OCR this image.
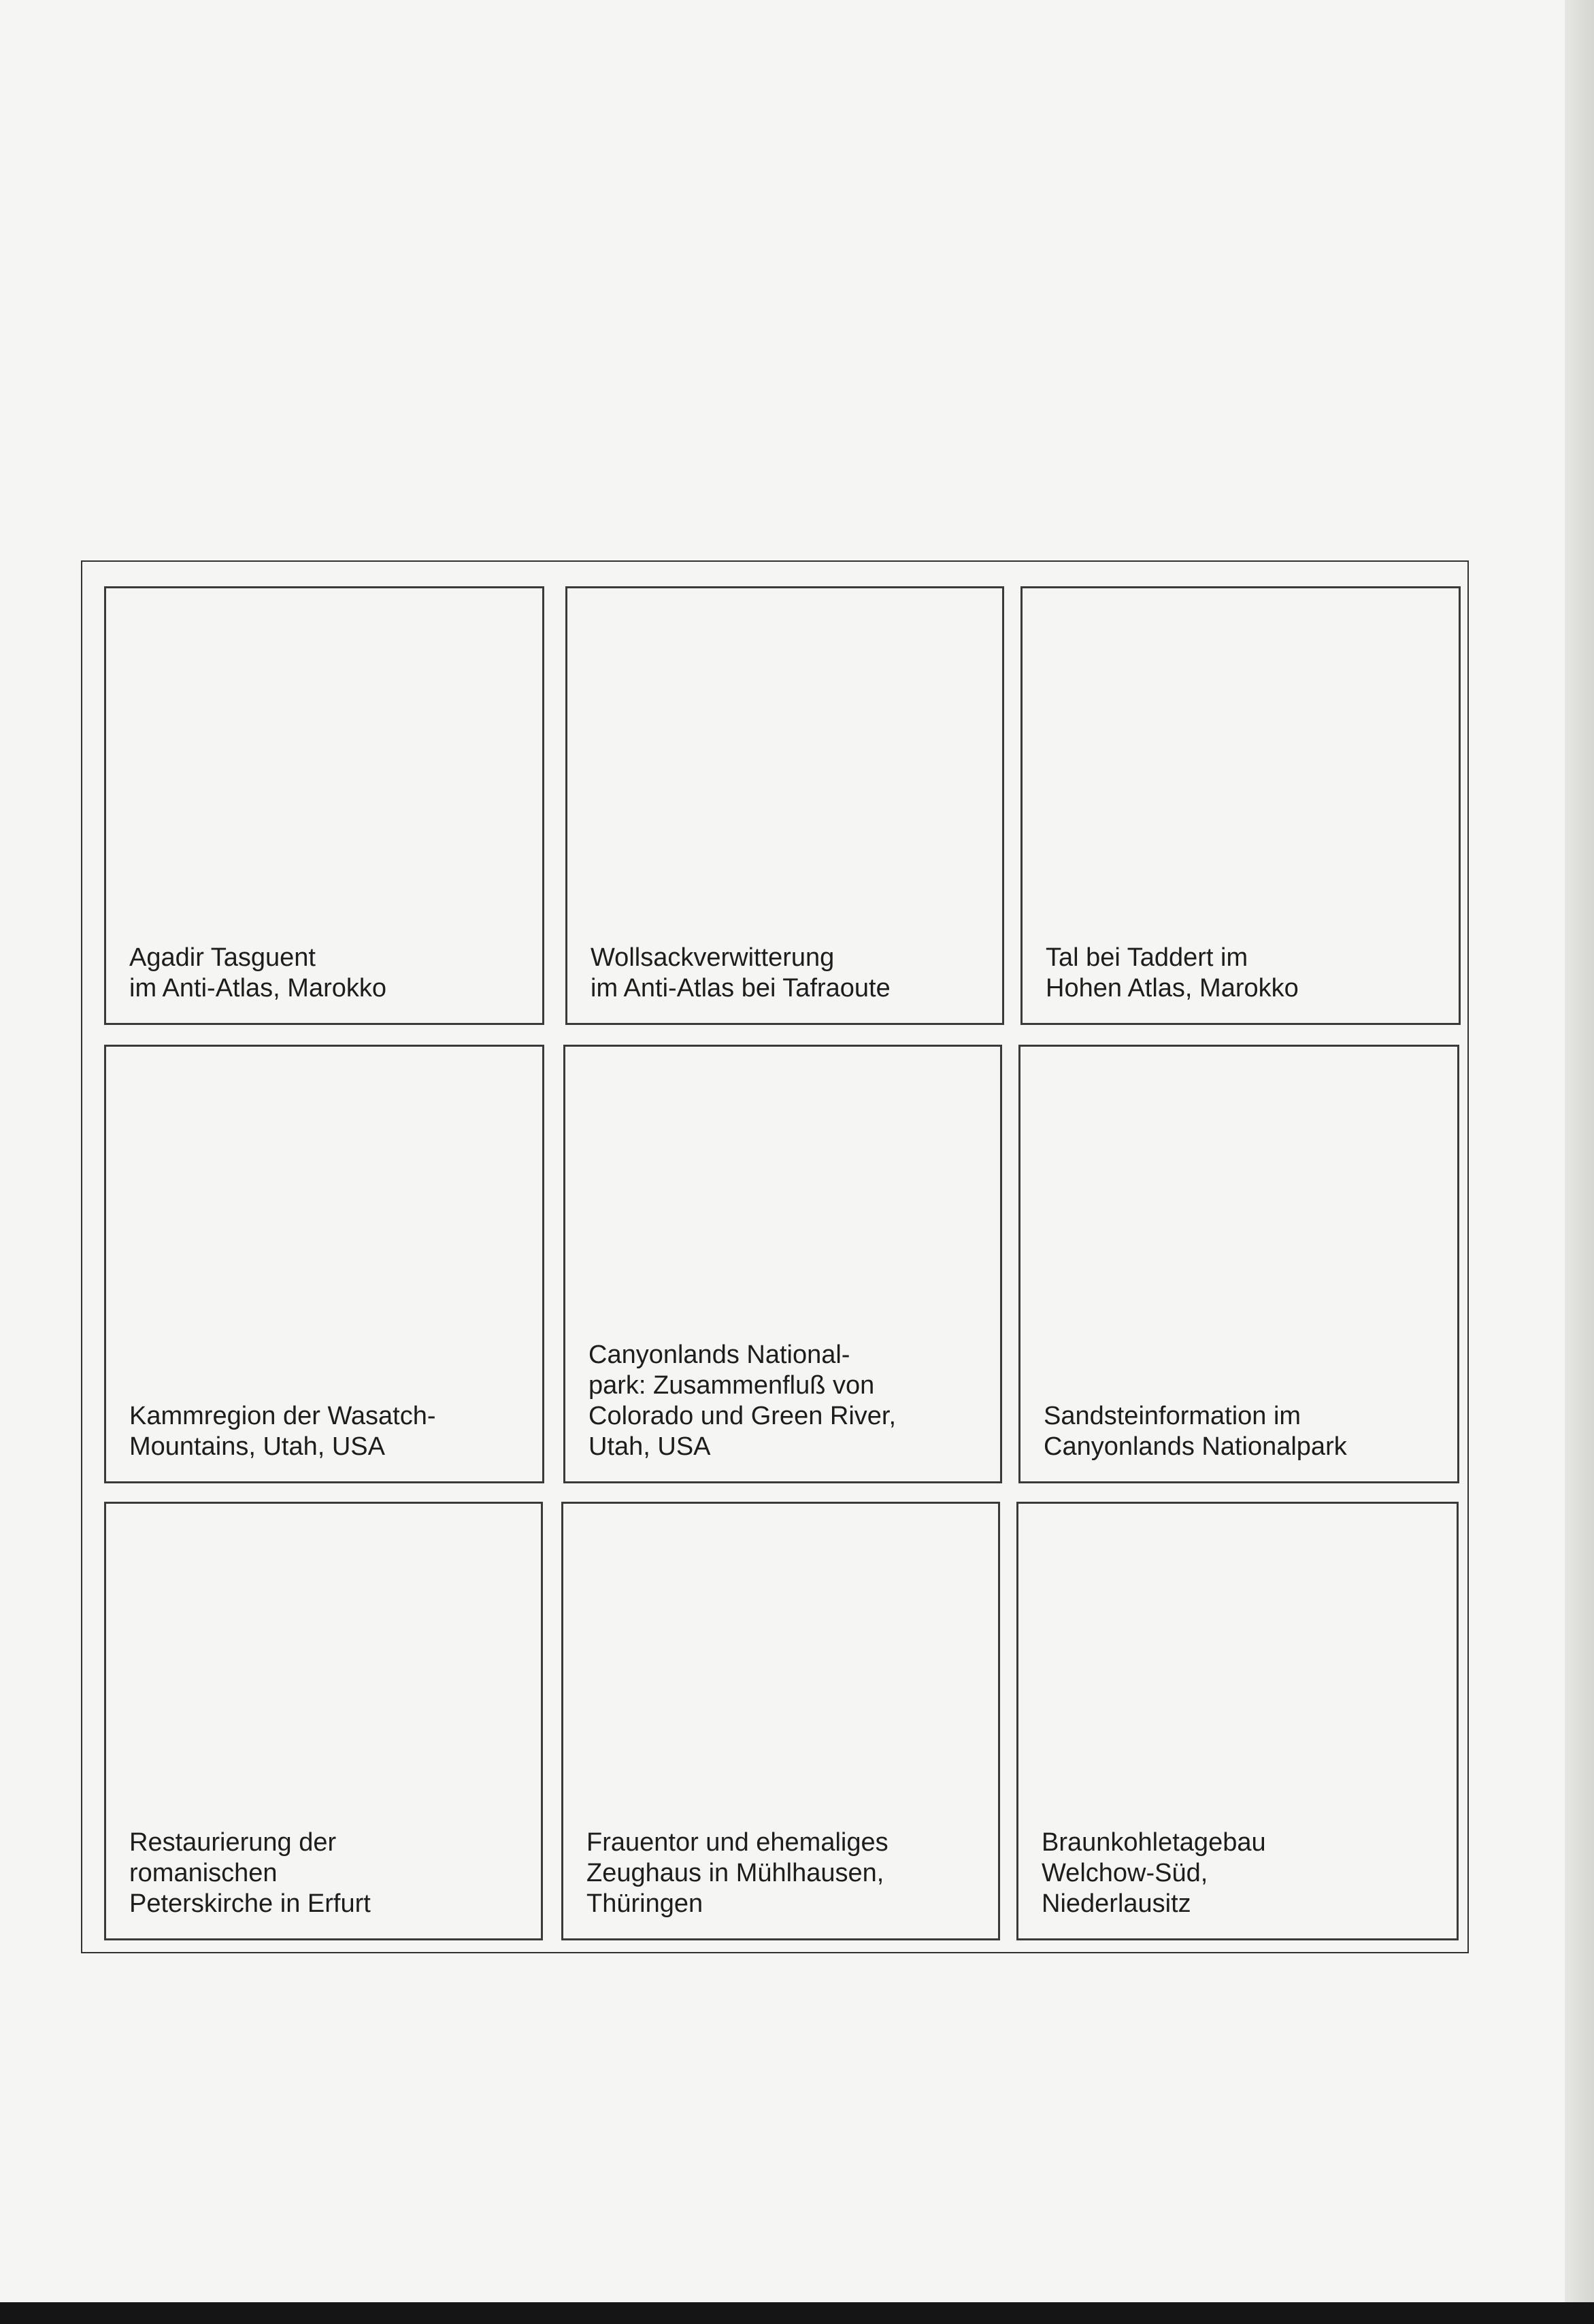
Agadir Tasguent
im Anti-Atlas, Marokko
Wollsackverwitterung
im Anti-Atlas bei Tafraoute
Tal bei Taddert im
Hohen Atlas, Marokko
Kammregion der Wasatch-
Mountains, Utah, USA
Canyonlands National-
park: Zusammenfluß von
Colorado und Green River,
Utah, USA
Sandsteinformation im
Canyonlands Nationalpark
Restaurierung der
romanischen
Peterskirche in Erfurt
Frauentor und ehemaliges
Zeughaus in Mühlhausen,
Thüringen
Braunkohletagebau
Welchow-Süd,
Niederlausitz
